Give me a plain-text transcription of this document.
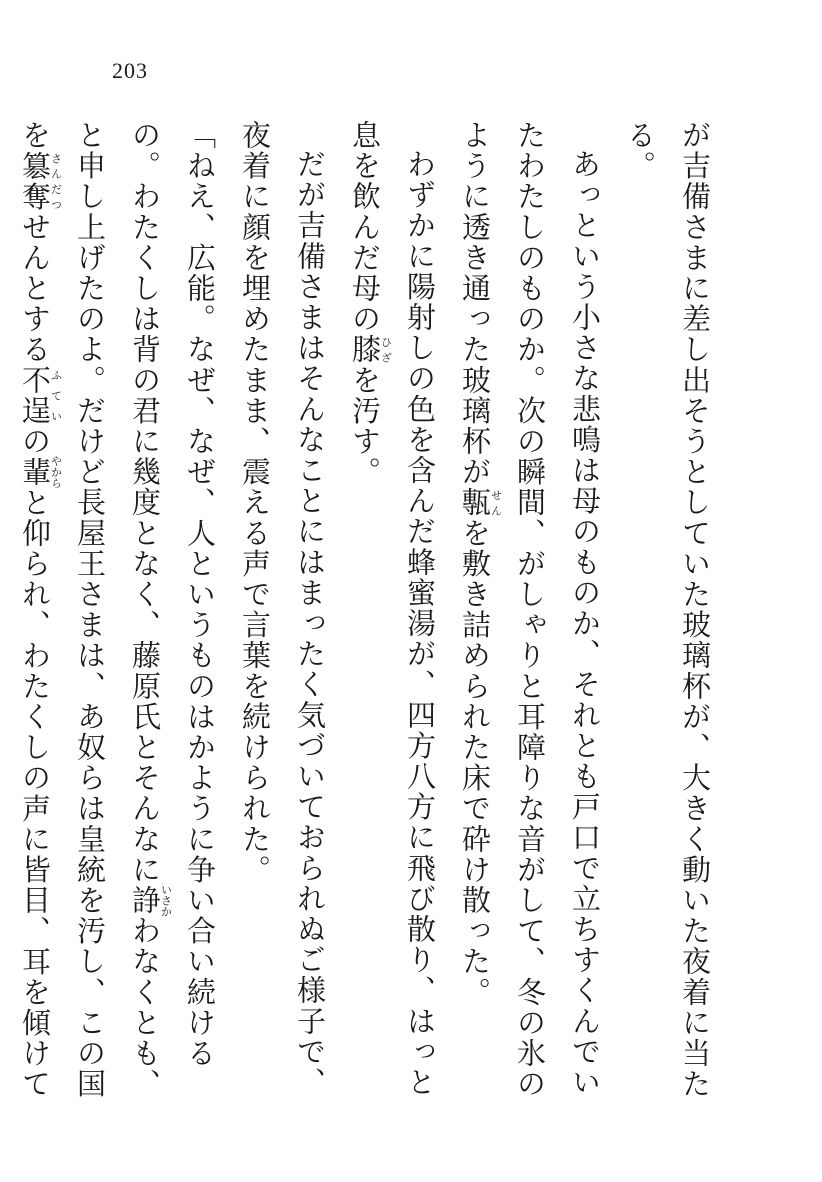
203

が吉備さまに差し出そうとしていた玻璃杯が、大きく動いた夜着に当たる。

あっという小さな悲鳴は母のものか、それとも戸口で立ちすくんでいたわたしのものか。次の瞬間、がしゃりと耳障りな音がして、冬の氷のように透き通った玻璃杯が甎せんを敷き詰められた床で砕け散った。

わずかに陽射しの色を含んだ蜂蜜湯が、四方八方に飛び散り、はっと息を飲んだ母の膝ひざを汚す。

だが吉備さまはそんなことにはまったく気づいておられぬご様子で、夜着に顔を埋めたまま、震える声で言葉を続けられた。

「ねえ、広能。なぜ、なぜ、人というものはかように争い合い続けるの。わたくしは背の君に幾度となく、藤原氏とそんなに諍いさかわなくとも、と申し上げたのよ。だけど長屋王さまは、あ奴らは皇統を汚し、この国を簒奪さんだつせんとする不逞ふていの輩やからと仰られ、わたくしの声に皆目、耳を傾けて
